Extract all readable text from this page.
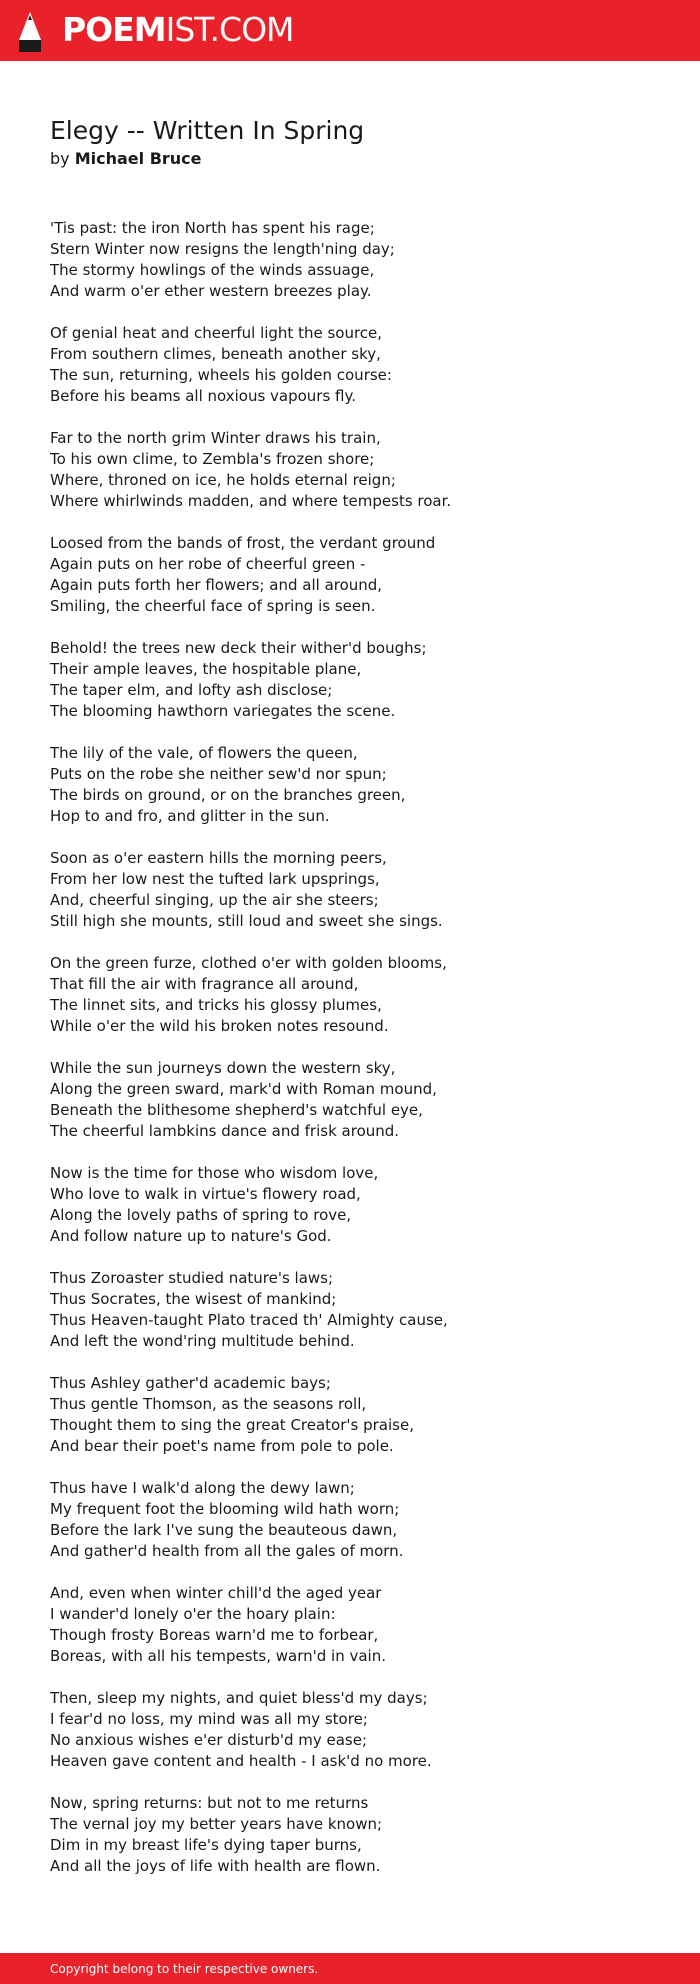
POEMIST.COM
Elegy -- Written In Spring
by Michael Bruce

'Tis past: the iron North has spent his rage;
Stern Winter now resigns the length'ning day;
The stormy howlings of the winds assuage,
And warm o'er ether western breezes play.

Of genial heat and cheerful light the source,
From southern climes, beneath another sky,
The sun, returning, wheels his golden course:
Before his beams all noxious vapours fly.

Far to the north grim Winter draws his train,
To his own clime, to Zembla's frozen shore;
Where, throned on ice, he holds eternal reign;
Where whirlwinds madden, and where tempests roar.

Loosed from the bands of frost, the verdant ground
Again puts on her robe of cheerful green -
Again puts forth her flowers; and all around,
Smiling, the cheerful face of spring is seen.

Behold! the trees new deck their wither'd boughs;
Their ample leaves, the hospitable plane,
The taper elm, and lofty ash disclose;
The blooming hawthorn variegates the scene.

The lily of the vale, of flowers the queen,
Puts on the robe she neither sew'd nor spun;
The birds on ground, or on the branches green,
Hop to and fro, and glitter in the sun.

Soon as o'er eastern hills the morning peers,
From her low nest the tufted lark upsprings,
And, cheerful singing, up the air she steers;
Still high she mounts, still loud and sweet she sings.

On the green furze, clothed o'er with golden blooms,
That fill the air with fragrance all around,
The linnet sits, and tricks his glossy plumes,
While o'er the wild his broken notes resound.

While the sun journeys down the western sky,
Along the green sward, mark'd with Roman mound,
Beneath the blithesome shepherd's watchful eye,
The cheerful lambkins dance and frisk around.

Now is the time for those who wisdom love,
Who love to walk in virtue's flowery road,
Along the lovely paths of spring to rove,
And follow nature up to nature's God.

Thus Zoroaster studied nature's laws;
Thus Socrates, the wisest of mankind;
Thus Heaven-taught Plato traced th' Almighty cause,
And left the wond'ring multitude behind.

Thus Ashley gather'd academic bays;
Thus gentle Thomson, as the seasons roll,
Thought them to sing the great Creator's praise,
And bear their poet's name from pole to pole.

Thus have I walk'd along the dewy lawn;
My frequent foot the blooming wild hath worn;
Before the lark I've sung the beauteous dawn,
And gather'd health from all the gales of morn.

And, even when winter chill'd the aged year
I wander'd lonely o'er the hoary plain:
Though frosty Boreas warn'd me to forbear,
Boreas, with all his tempests, warn'd in vain.

Then, sleep my nights, and quiet bless'd my days;
I fear'd no loss, my mind was all my store;
No anxious wishes e'er disturb'd my ease;
Heaven gave content and health - I ask'd no more.

Now, spring returns: but not to me returns
The vernal joy my better years have known;
Dim in my breast life's dying taper burns,
And all the joys of life with health are flown.

Copyright belong to their respective owners.
